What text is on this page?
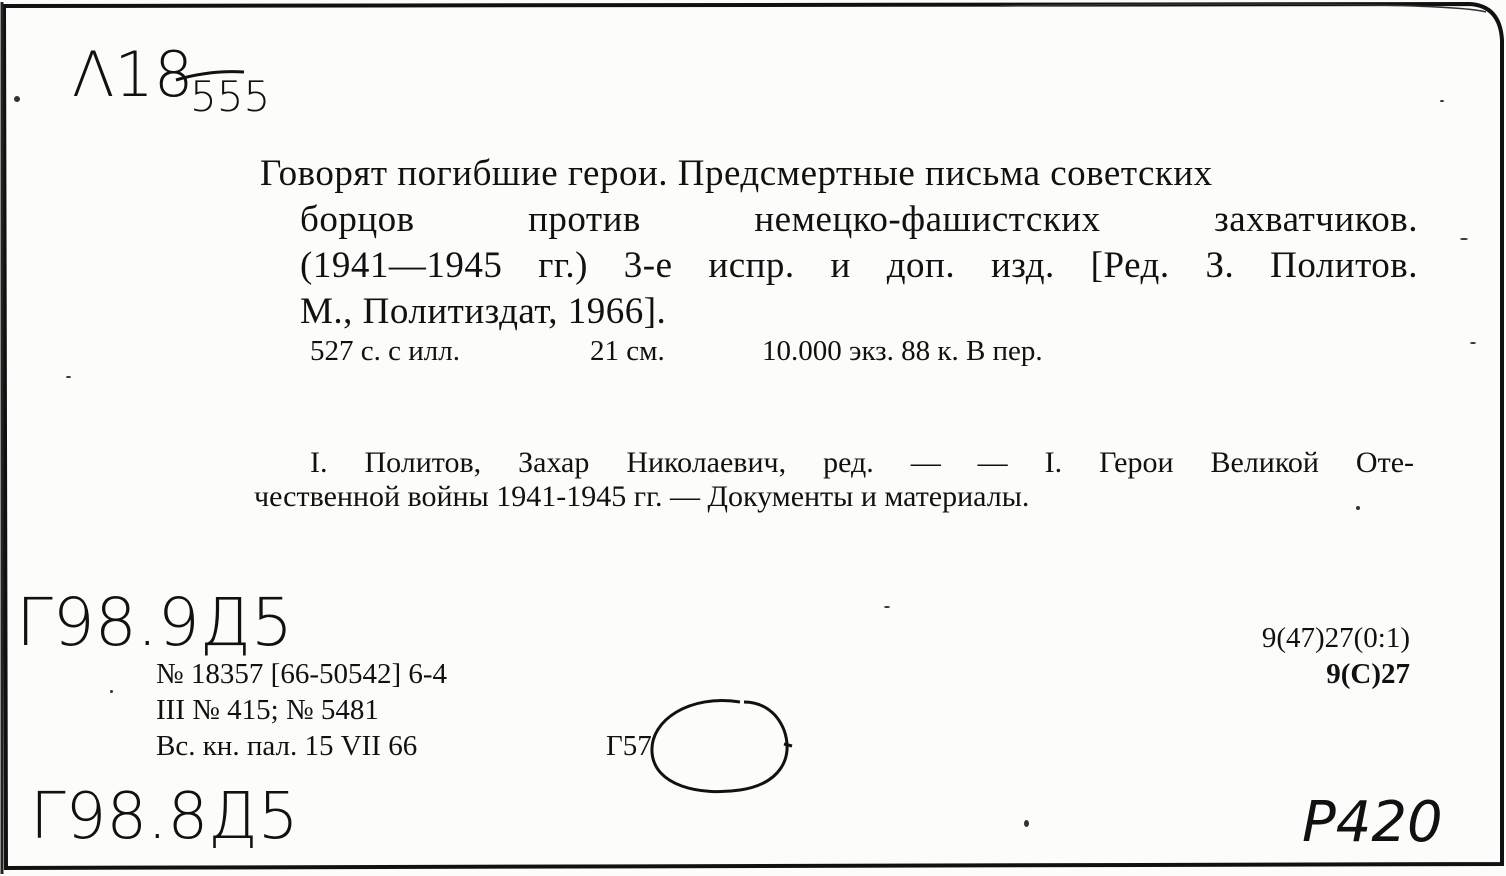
Λ18
555
Говорят погибшие герои. Предсмертные письма советских
борцов против немецко-фашистских захватчиков.
(1941—1945 гг.) 3-е испр. и доп. изд. [Ред. З. Политов.
М., Политиздат, 1966].
527 с. с илл.	21 см.	10.000 экз. 88 к. В пер.
I. Политов, Захар Николаевич, ред. — — I. Герои Великой Оте-
чественной войны 1941-1945 гг. — Документы и материалы.
Г98.9Д5
Г98.8Д5
№ 18357 [66-50542] 6-4
III № 415; № 5481
Вс. кн. пал. 15 VII 66	Г57
9(47)27(0:1)
9(С)27
P420
